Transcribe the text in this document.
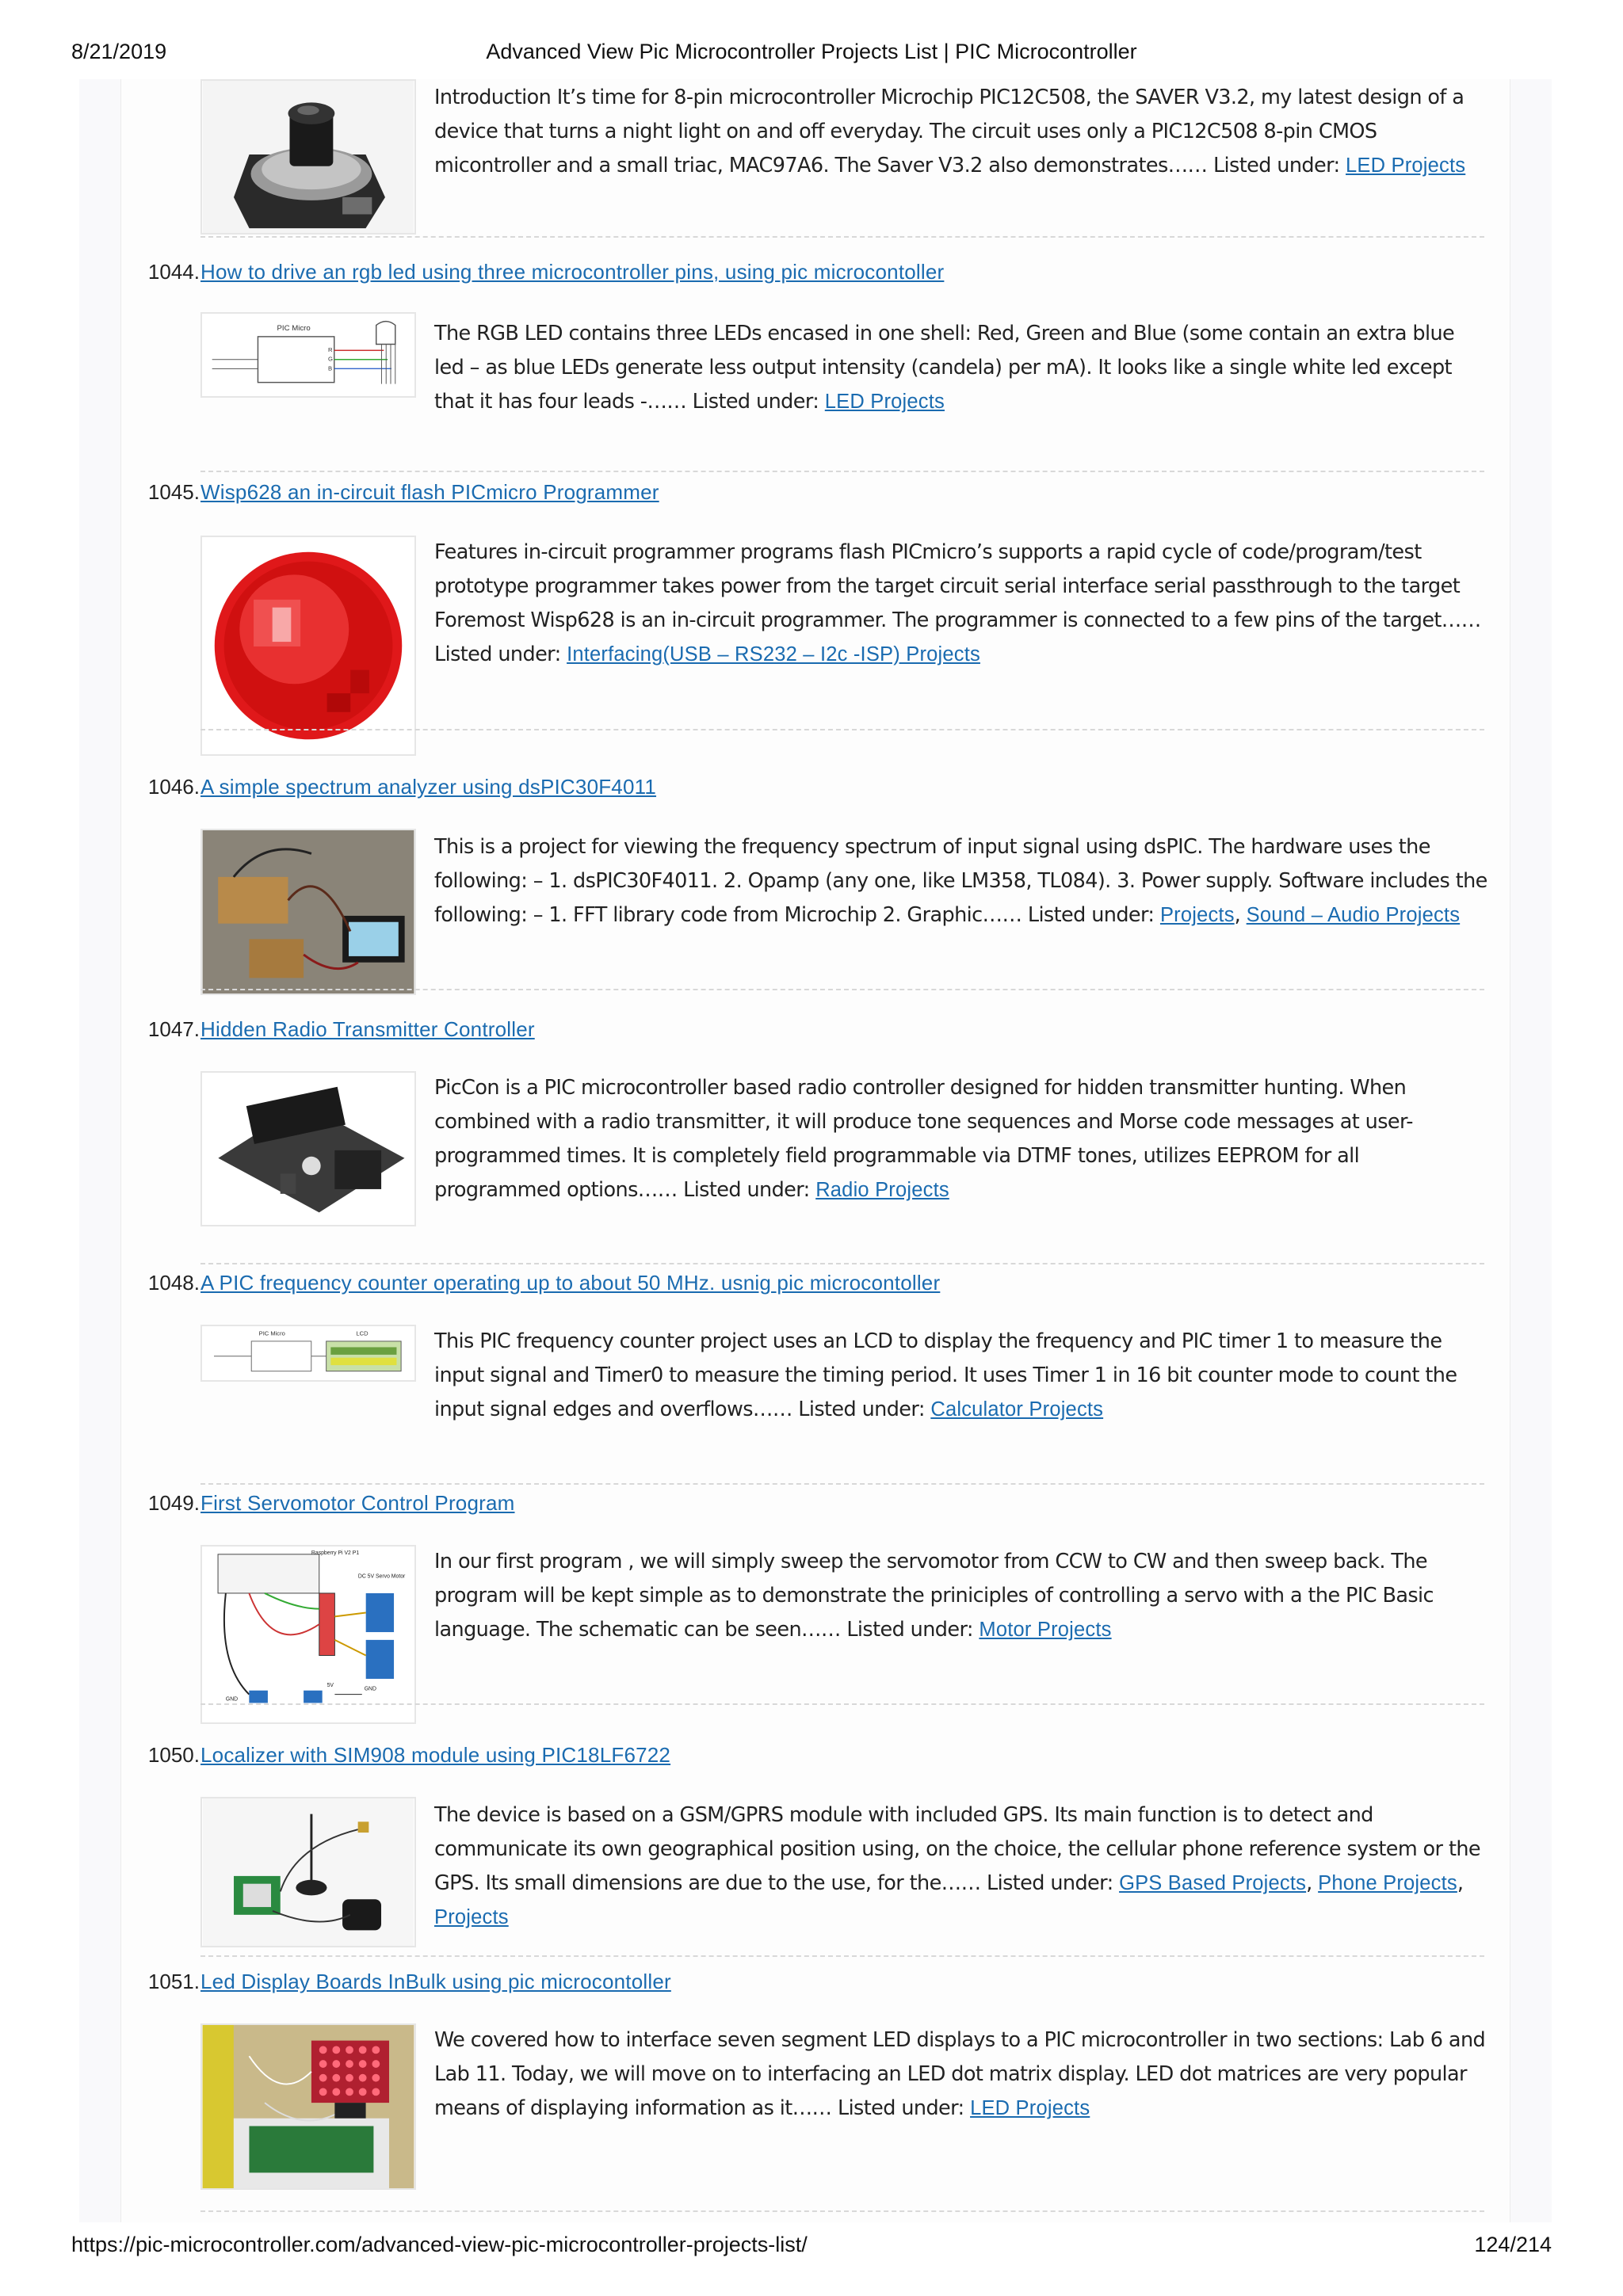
8/21/2019	Advanced View Pic Microcontroller Projects List | PIC Microcontroller
Introduction It’s time for 8-pin microcontroller Microchip PIC12C508, the SAVER V3.2, my latest design of a device that turns a night light on and off everyday. The circuit uses only a PIC12C508 8-pin CMOS micontroller and a small triac, MAC97A6. The Saver V3.2 also demonstrates…… Listed under: LED Projects
1044. How to drive an rgb led using three microcontroller pins, using pic microcontoller
PIC Micro
R
G
B
The RGB LED contains three LEDs encased in one shell: Red, Green and Blue (some contain an extra blue led – as blue LEDs generate less output intensity (candela) per mA). It looks like a single white led except that it has four leads -…… Listed under: LED Projects
1045. Wisp628 an in-circuit flash PICmicro Programmer
Features in-circuit programmer programs flash PICmicro’s supports a rapid cycle of code/program/test prototype programmer takes power from the target circuit serial interface serial passthrough to the target Foremost Wisp628 is an in-circuit programmer. The programmer is connected to a few pins of the target…… Listed under: Interfacing(USB – RS232 – I2c -ISP) Projects
1046. A simple spectrum analyzer using dsPIC30F4011
This is a project for viewing the frequency spectrum of input signal using dsPIC. The hardware uses the following: – 1. dsPIC30F4011. 2. Opamp (any one, like LM358, TL084). 3. Power supply. Software includes the following: – 1. FFT library code from Microchip 2. Graphic…… Listed under: Projects, Sound – Audio Projects
1047. Hidden Radio Transmitter Controller
PicCon is a PIC microcontroller based radio controller designed for hidden transmitter hunting. When combined with a radio transmitter, it will produce tone sequences and Morse code messages at user-programmed times. It is completely field programmable via DTMF tones, utilizes EEPROM for all programmed options…… Listed under: Radio Projects
1048. A PIC frequency counter operating up to about 50 MHz. usnig pic microcontoller
PIC Micro	LCD	This PIC frequency counter project uses an LCD to display the frequency and PIC timer 1 to measure the input signal and Timer0 to measure the timing period. It uses Timer 1 in 16 bit counter mode to count the input signal edges and overflows…… Listed under: Calculator Projects
1049. First Servomotor Control Program
Raspberry Pi V2 P1
DC 5V Servo Motor
GND
5V
GND
In our first program , we will simply sweep the servomotor from CCW to CW and then sweep back. The program will be kept simple as to demonstrate the priniciples of controlling a servo with a the PIC Basic language. The schematic can be seen…… Listed under: Motor Projects
1050. Localizer with SIM908 module using PIC18LF6722
The device is based on a GSM/GPRS module with included GPS. Its main function is to detect and communicate its own geographical position using, on the choice, the cellular phone reference system or the GPS. Its small dimensions are due to the use, for the…… Listed under: GPS Based Projects, Phone Projects, Projects
1051. Led Display Boards InBulk using pic microcontoller
We covered how to interface seven segment LED displays to a PIC microcontroller in two sections: Lab 6 and Lab 11. Today, we will move on to interfacing an LED dot matrix display. LED dot matrices are very popular means of displaying information as it…… Listed under: LED Projects
https://pic-microcontroller.com/advanced-view-pic-microcontroller-projects-list/	124/214
